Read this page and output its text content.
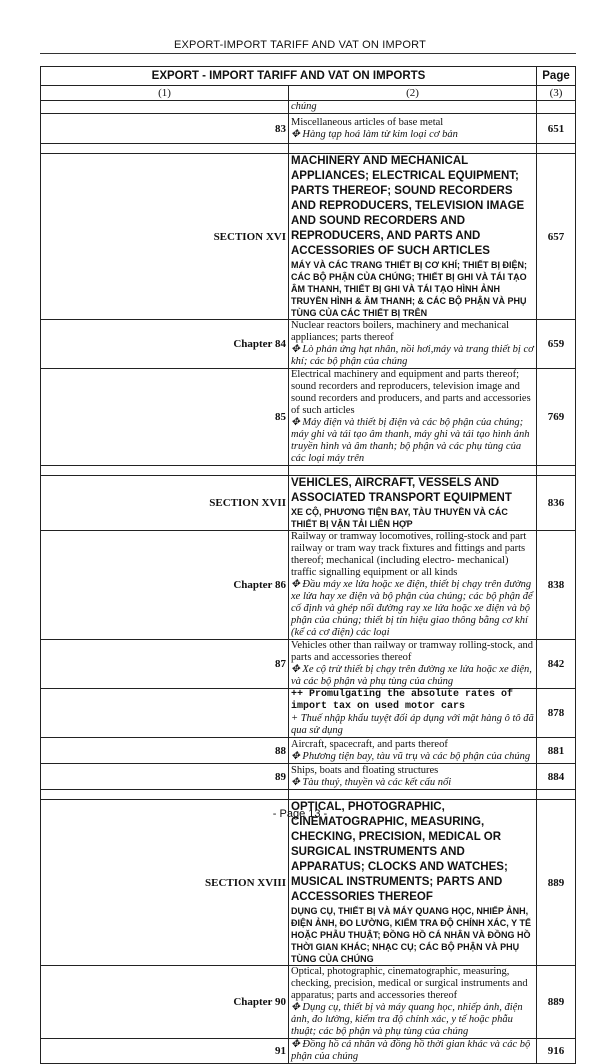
EXPORT-IMPORT TARIFF AND VAT ON IMPORT
EXPORT - IMPORT TARIFF AND VAT ON IMPORTS		Page
(1)	(2)	(3)

	chúng	

83	Miscellaneous articles of base metal
✥ Hàng tạp hoá làm từ kim loại cơ bản	651

SECTION XVI	MACHINERY AND MECHANICAL APPLIANCES; ELECTRICAL EQUIPMENT; PARTS THEREOF; SOUND RECORDERS AND REPRODUCERS, TELEVISION IMAGE AND SOUND RECORDERS AND REPRODUCERS, AND PARTS AND ACCESSORIES OF SUCH ARTICLES
MÁY VÀ CÁC TRANG THIẾT BỊ CƠ KHÍ; THIẾT BỊ ĐIỆN; CÁC BỘ PHẬN CỦA CHÚNG; THIẾT BỊ GHI VÀ TÁI TẠO ÂM THANH, THIẾT BỊ GHI VÀ TÁI TẠO HÌNH ẢNH TRUYỀN HÌNH & ÂM THANH; & CÁC BỘ PHẬN VÀ PHỤ TÙNG CỦA CÁC THIẾT BỊ TRÊN	657
Chapter 84	Nuclear reactors boilers, machinery and mechanical appliances; parts thereof
✥ Lò phản ứng hạt nhân, nồi hơi,máy và trang thiết bị cơ khí; các bộ phận của chúng	659
85	Electrical machinery and equipment and parts thereof; sound recorders and reproducers, television image and sound recorders and producers, and parts and accessories of such articles
✥ Máy điện và thiết bị điện và các bộ phận của chúng; máy ghi và tái tạo âm thanh, máy ghi và tái tạo hình ảnh truyền hình và âm thanh; bộ phận và các phụ tùng của các loại máy trên	769

SECTION XVII	VEHICLES, AIRCRAFT, VESSELS AND ASSOCIATED TRANSPORT EQUIPMENT
XE CỘ, PHƯƠNG TIỆN BAY, TÀU THUYỀN VÀ CÁC THIẾT BỊ VẬN TẢI LIÊN HỢP	836
Chapter 86	Railway or tramway locomotives, rolling-stock and part railway or tram way track fixtures and fittings and parts thereof; mechanical (including electro- mechanical) traffic signalling equipment or all kinds
✥ Đầu máy xe lửa hoặc xe điện, thiết bị chạy trên đường xe lửa hay xe điện và bộ phận của chúng; các bộ phận để cố định và ghép nối đường ray xe lửa hoặc xe điện và bộ phận của chúng; thiết bị tín hiệu giao thông bằng cơ khí (kể cả cơ điện) các loại	838
87	Vehicles other than railway or tramway rolling-stock, and parts and accessories thereof
✥ Xe cộ trừ thiết bị chạy trên đường xe lửa hoặc xe điện, và các bộ phận và phụ tùng của chúng	842

	++ Promulgating the absolute rates of import tax on used motor cars
+ Thuế nhập khẩu tuyệt đối áp dụng với mặt hàng ô tô đã qua sử dụng	878
88	Aircraft, spacecraft, and parts thereof
✥ Phương tiện bay, tàu vũ trụ và các bộ phận của chúng	881
89	Ships, boats and floating structures
✥ Tàu thuỷ, thuyền và các kết cấu nổi	884

SECTION XVIII	OPTICAL, PHOTOGRAPHIC, CINEMATOGRAPHIC, MEASURING, CHECKING, PRECISION, MEDICAL OR SURGICAL INSTRUMENTS AND APPARATUS; CLOCKS AND WATCHES; MUSICAL INSTRUMENTS; PARTS AND ACCESSORIES THEREOF
DỤNG CỤ, THIẾT BỊ VÀ MÁY QUANG HỌC, NHIẾP ẢNH, ĐIỆN ẢNH, ĐO LƯỜNG, KIỂM TRA ĐỘ CHÍNH XÁC, Y TẾ HOẶC PHẪU THUẬT; ĐỒNG HỒ CÁ NHÂN VÀ ĐỒNG HỒ THỜI GIAN KHÁC; NHẠC CỤ; CÁC BỘ PHẬN VÀ PHỤ TÙNG CỦA CHÚNG	889
Chapter 90	Optical, photographic, cinematographic, measuring, checking, precision, medical or surgical instruments and apparatus; parts and accessories thereof
✥ Dụng cụ, thiết bị và máy quang học, nhiếp ảnh, điện ảnh, đo lường, kiểm tra độ chính xác, y tế hoặc phẫu thuật; các bộ phận và phụ tùng của chúng	889
91	✥ Đồng hồ cá nhân và đồng hồ thời gian khác và các bộ phận của chúng	916
- Page 13 -
